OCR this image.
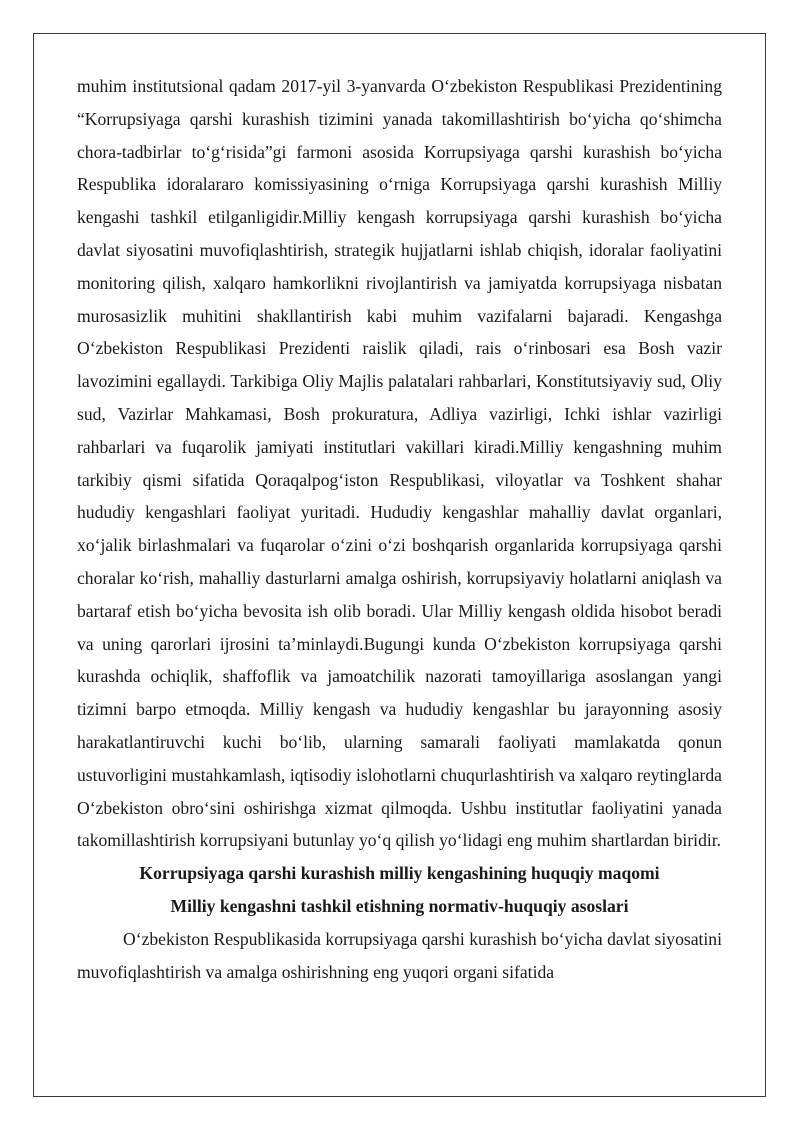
muhim institutsional qadam 2017-yil 3-yanvarda O‘zbekiston Respublikasi Prezidentining “Korrupsiyaga qarshi kurashish tizimini yanada takomillashtirish bo‘yicha qo‘shimcha chora-tadbirlar to‘g‘risida”gi farmoni asosida Korrupsiyaga qarshi kurashish bo‘yicha Respublika idoralararo komissiyasining o‘rniga Korrupsiyaga qarshi kurashish Milliy kengashi tashkil etilganligidir.Milliy kengash korrupsiyaga qarshi kurashish bo‘yicha davlat siyosatini muvofiqlashtirish, strategik hujjatlarni ishlab chiqish, idoralar faoliyatini monitoring qilish, xalqaro hamkorlikni rivojlantirish va jamiyatda korrupsiyaga nisbatan murosasizlik muhitini shakllantirish kabi muhim vazifalarni bajaradi. Kengashga O‘zbekiston Respublikasi Prezidenti raislik qiladi, rais o‘rinbosari esa Bosh vazir lavozimini egallaydi. Tarkibiga Oliy Majlis palatalari rahbarlari, Konstitutsiyaviy sud, Oliy sud, Vazirlar Mahkamasi, Bosh prokuratura, Adliya vazirligi, Ichki ishlar vazirligi rahbarlari va fuqarolik jamiyati institutlari vakillari kiradi.Milliy kengashning muhim tarkibiy qismi sifatida Qoraqalpog‘iston Respublikasi, viloyatlar va Toshkent shahar hududiy kengashlari faoliyat yuritadi. Hududiy kengashlar mahalliy davlat organlari, xo‘jalik birlashmalari va fuqarolar o‘zini o‘zi boshqarish organlarida korrupsiyaga qarshi choralar ko‘rish, mahalliy dasturlarni amalga oshirish, korrupsiyaviy holatlarni aniqlash va bartaraf etish bo‘yicha bevosita ish olib boradi. Ular Milliy kengash oldida hisobot beradi va uning qarorlari ijrosini ta’minlaydi.Bugungi kunda O‘zbekiston korrupsiyaga qarshi kurashda ochiqlik, shaffoflik va jamoatchilik nazorati tamoyillariga asoslangan yangi tizimni barpo etmoqda. Milliy kengash va hududiy kengashlar bu jarayonning asosiy harakatlantiruvchi kuchi bo‘lib, ularning samarali faoliyati mamlakatda qonun ustuvorligini mustahkamlash, iqtisodiy islohotlarni chuqurlashtirish va xalqaro reytinglarda O‘zbekiston obro‘sini oshirishga xizmat qilmoqda. Ushbu institutlar faoliyatini yanada takomillashtirish korrupsiyani butunlay yo‘q qilish yo‘lidagi eng muhim shartlardan biridir.

Korrupsiyaga qarshi kurashish milliy kengashining huquqiy maqomi

Milliy kengashni tashkil etishning normativ-huquqiy asoslari

O‘zbekiston Respublikasida korrupsiyaga qarshi kurashish bo‘yicha davlat siyosatini muvofiqlashtirish va amalga oshirishning eng yuqori organi sifatida
